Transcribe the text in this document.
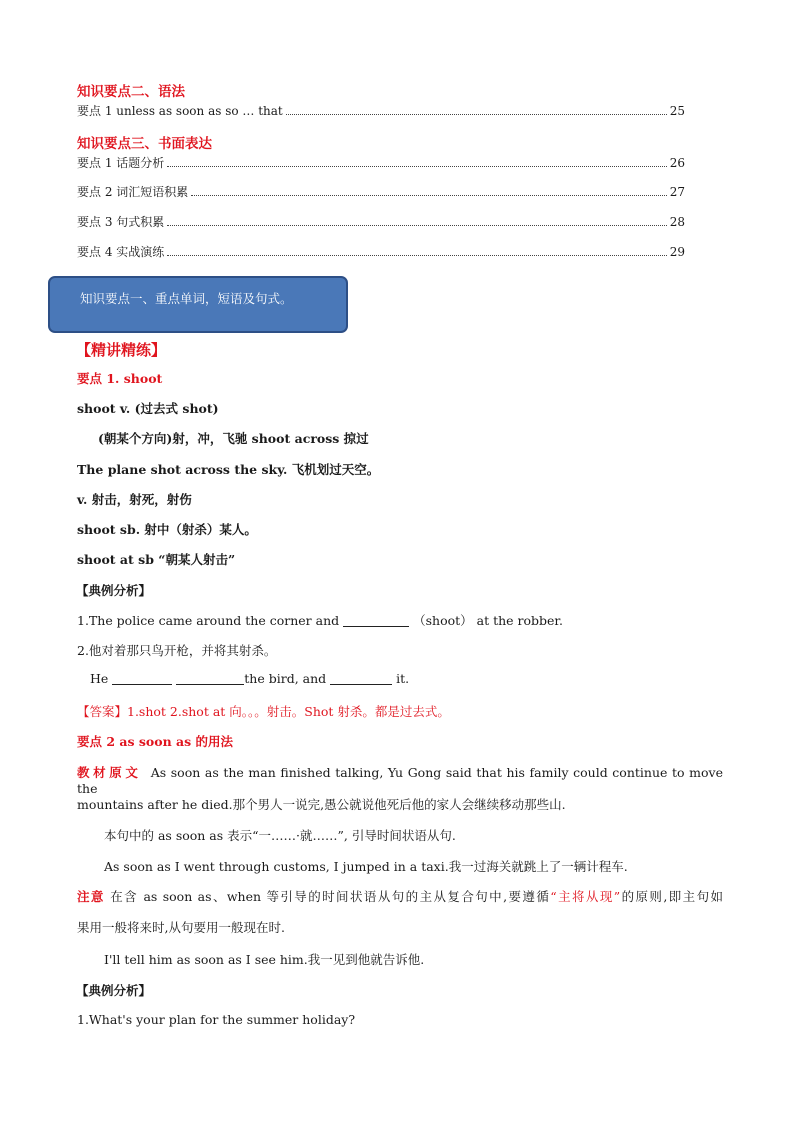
知识要点二、语法
要点 1 unless as soon as so … that	25
知识要点三、书面表达
要点 1 话题分析	26
要点 2 词汇短语积累	27
要点 3 句式积累	28
要点 4 实战演练	29
知识要点一、重点单词，短语及句式。
【精讲精练】
要点 1. shoot
shoot v. (过去式 shot)
(朝某个方向)射，冲，飞驰 shoot across 掠过
The plane shot across the sky. 飞机划过天空。
v. 射击，射死，射伤
shoot sb. 射中（射杀）某人。
shoot at sb “朝某人射击”
【典例分析】
1.The police came around the corner and	（shoot） at the robber.
2.他对着那只鸟开枪，并将其射杀。
He	the bird, and	it.
【答案】1.shot 2.shot at 向。。。射击。Shot 射杀。都是过去式。
要点 2 as soon as 的用法
教材原文 As soon as the man finished talking, Yu Gong said that his family could continue to move the
mountains after he died.那个男人一说完,愚公就说他死后他的家人会继续移动那些山.
本句中的 as soon as 表示“一……·就……”, 引导时间状语从句.
As soon as I went through customs, I jumped in a taxi.我一过海关就跳上了一辆计程车.
注意 在含 as soon as、when 等引导的时间状语从句的主从复合句中,要遵循“主将从现”的原则,即主句如
果用一般将来时,从句要用一般现在时.
I'll tell him as soon as I see him.我一见到他就告诉他.
【典例分析】
1.What's your plan for the summer holiday?
